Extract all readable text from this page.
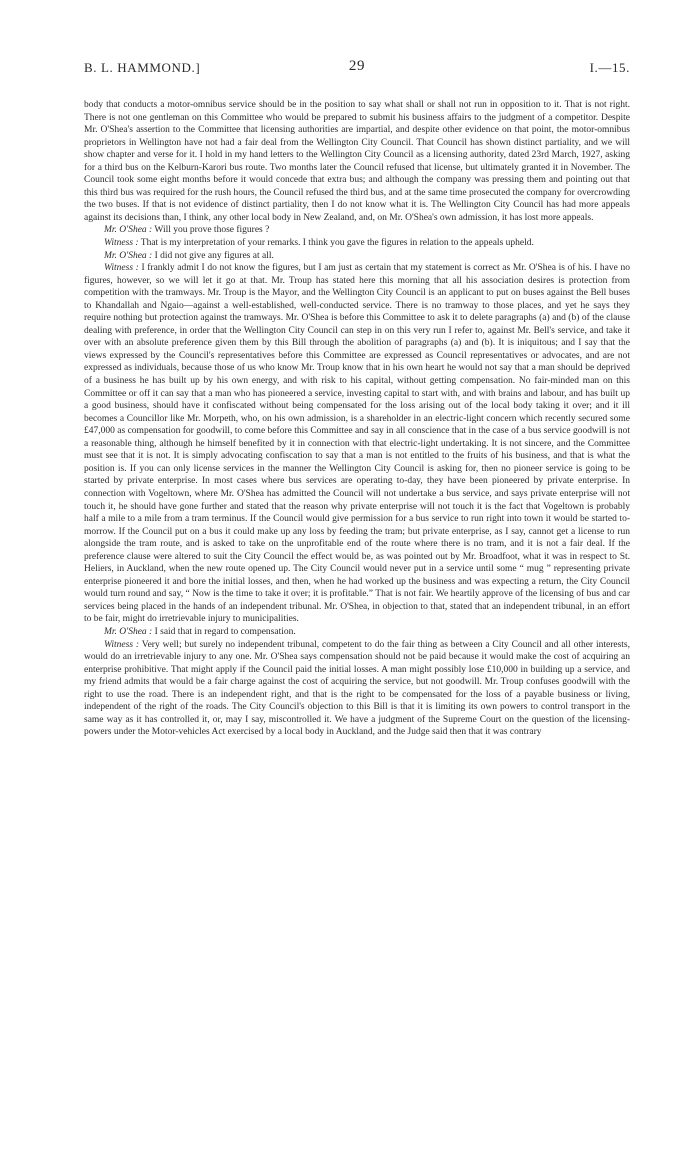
B. L. HAMMOND.]	29	I.—15.

body that conducts a motor-omnibus service should be in the position to say what shall or shall not run in opposition to it. That is not right. There is not one gentleman on this Committee who would be prepared to submit his business affairs to the judgment of a competitor. Despite Mr. O'Shea's assertion to the Committee that licensing authorities are impartial, and despite other evidence on that point, the motor-omnibus proprietors in Wellington have not had a fair deal from the Wellington City Council. That Council has shown distinct partiality, and we will show chapter and verse for it. I hold in my hand letters to the Wellington City Council as a licensing authority, dated 23rd March, 1927, asking for a third bus on the Kelburn-Karori bus route. Two months later the Council refused that license, but ultimately granted it in November. The Council took some eight months before it would concede that extra bus; and although the company was pressing them and pointing out that this third bus was required for the rush hours, the Council refused the third bus, and at the same time prosecuted the company for overcrowding the two buses. If that is not evidence of distinct partiality, then I do not know what it is. The Wellington City Council has had more appeals against its decisions than, I think, any other local body in New Zealand, and, on Mr. O'Shea's own admission, it has lost more appeals.

Mr. O'Shea : Will you prove those figures ?

Witness : That is my interpretation of your remarks. I think you gave the figures in relation to the appeals upheld.

Mr. O'Shea : I did not give any figures at all.

Witness : I frankly admit I do not know the figures, but I am just as certain that my statement is correct as Mr. O'Shea is of his. I have no figures, however, so we will let it go at that. Mr. Troup has stated here this morning that all his association desires is protection from competition with the tramways. Mr. Troup is the Mayor, and the Wellington City Council is an applicant to put on buses against the Bell buses to Khandallah and Ngaio—against a well-established, well-conducted service. There is no tramway to those places, and yet he says they require nothing but protection against the tramways. Mr. O'Shea is before this Committee to ask it to delete paragraphs (a) and (b) of the clause dealing with preference, in order that the Wellington City Council can step in on this very run I refer to, against Mr. Bell's service, and take it over with an absolute preference given them by this Bill through the abolition of paragraphs (a) and (b). It is iniquitous; and I say that the views expressed by the Council's representatives before this Committee are expressed as Council representatives or advocates, and are not expressed as individuals, because those of us who know Mr. Troup know that in his own heart he would not say that a man should be deprived of a business he has built up by his own energy, and with risk to his capital, without getting compensation. No fair-minded man on this Committee or off it can say that a man who has pioneered a service, investing capital to start with, and with brains and labour, and has built up a good business, should have it confiscated without being compensated for the loss arising out of the local body taking it over; and it ill becomes a Councillor like Mr. Morpeth, who, on his own admission, is a shareholder in an electric-light concern which recently secured some £47,000 as compensation for goodwill, to come before this Committee and say in all conscience that in the case of a bus service goodwill is not a reasonable thing, although he himself benefited by it in connection with that electric-light undertaking. It is not sincere, and the Committee must see that it is not. It is simply advocating confiscation to say that a man is not entitled to the fruits of his business, and that is what the position is. If you can only license services in the manner the Wellington City Council is asking for, then no pioneer service is going to be started by private enterprise. In most cases where bus services are operating to-day, they have been pioneered by private enterprise. In connection with Vogeltown, where Mr. O'Shea has admitted the Council will not undertake a bus service, and says private enterprise will not touch it, he should have gone further and stated that the reason why private enterprise will not touch it is the fact that Vogeltown is probably half a mile to a mile from a tram terminus. If the Council would give permission for a bus service to run right into town it would be started to-morrow. If the Council put on a bus it could make up any loss by feeding the tram; but private enterprise, as I say, cannot get a license to run alongside the tram route, and is asked to take on the unprofitable end of the route where there is no tram, and it is not a fair deal. If the preference clause were altered to suit the City Council the effect would be, as was pointed out by Mr. Broadfoot, what it was in respect to St. Heliers, in Auckland, when the new route opened up. The City Council would never put in a service until some “ mug ” representing private enterprise pioneered it and bore the initial losses, and then, when he had worked up the business and was expecting a return, the City Council would turn round and say, “ Now is the time to take it over; it is profitable.” That is not fair. We heartily approve of the licensing of bus and car services being placed in the hands of an independent tribunal. Mr. O'Shea, in objection to that, stated that an independent tribunal, in an effort to be fair, might do irretrievable injury to municipalities.

Mr. O'Shea : I said that in regard to compensation.

Witness : Very well; but surely no independent tribunal, competent to do the fair thing as between a City Council and all other interests, would do an irretrievable injury to any one. Mr. O'Shea says compensation should not be paid because it would make the cost of acquiring an enterprise prohibitive. That might apply if the Council paid the initial losses. A man might possibly lose £10,000 in building up a service, and my friend admits that would be a fair charge against the cost of acquiring the service, but not goodwill. Mr. Troup confuses goodwill with the right to use the road. There is an independent right, and that is the right to be compensated for the loss of a payable business or living, independent of the right of the roads. The City Council's objection to this Bill is that it is limiting its own powers to control transport in the same way as it has controlled it, or, may I say, miscontrolled it. We have a judgment of the Supreme Court on the question of the licensing-powers under the Motor-vehicles Act exercised by a local body in Auckland, and the Judge said then that it was contrary
